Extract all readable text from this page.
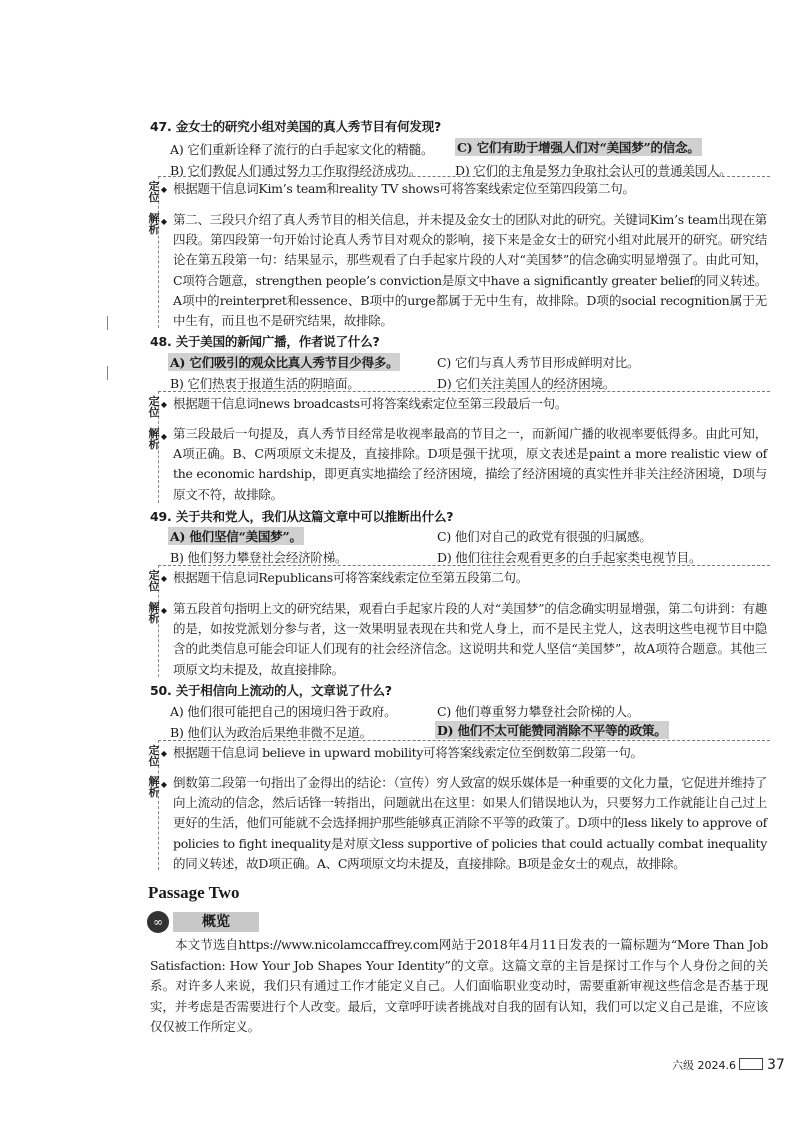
47. 金女士的研究小组对美国的真人秀节目有何发现?
A) 它们重新诠释了流行的白手起家文化的精髓。 C) 它们有助于增强人们对“美国梦”的信念。
B) 它们教促人们通过努力工作取得经济成功。	D) 它们的主角是努力争取社会认可的普通美国人。
定
位
◆ 根据题干信息词Kim’s team和reality TV shows可将答案线索定位至第四段第二句。
解
析
◆ 第二、三段只介绍了真人秀节目的相关信息，并未提及金女士的团队对此的研究。关键词Kim’s team出现在第四段。第四段第一句开始讨论真人秀节目对观众的影响，接下来是金女士的研究小组对此展开的研究。研究结论在第五段第一句：结果显示，那些观看了白手起家片段的人对“美国梦”的信念确实明显增强了。由此可知，C项符合题意，strengthen people’s conviction是原文中have a significantly greater belief的同义转述。A项中的reinterpret和essence、B项中的urge都属于无中生有，故排除。D项的social recognition属于无中生有，而且也不是研究结果，故排除。
48. 关于美国的新闻广播，作者说了什么?
A) 它们吸引的观众比真人秀节目少得多。	C) 它们与真人秀节目形成鲜明对比。
B) 它们热衷于报道生活的阴暗面。	D) 它们关注美国人的经济困境。
定
位
◆ 根据题干信息词news broadcasts可将答案线索定位至第三段最后一句。
解
析
◆ 第三段最后一句提及，真人秀节目经常是收视率最高的节目之一，而新闻广播的收视率要低得多。由此可知，A项正确。B、C两项原文未提及，直接排除。D项是强干扰项，原文表述是paint a more realistic view of the economic hardship，即更真实地描绘了经济困境，描绘了经济困境的真实性并非关注经济困境，D项与原文不符，故排除。
49. 关于共和党人，我们从这篇文章中可以推断出什么?
A) 他们坚信“美国梦”。	C) 他们对自己的政党有很强的归属感。
B) 他们努力攀登社会经济阶梯。	D) 他们往往会观看更多的白手起家类电视节目。
定
位
◆ 根据题干信息词Republicans可将答案线索定位至第五段第二句。
解
析
◆ 第五段首句指明上文的研究结果，观看白手起家片段的人对“美国梦”的信念确实明显增强，第二句讲到：有趣的是，如按党派划分参与者，这一效果明显表现在共和党人身上，而不是民主党人，这表明这些电视节目中隐含的此类信息可能会印证人们现有的社会经济信念。这说明共和党人坚信“美国梦”，故A项符合题意。其他三项原文均未提及，故直接排除。
50. 关于相信向上流动的人，文章说了什么?
A) 他们很可能把自己的困境归咎于政府。	C) 他们尊重努力攀登社会阶梯的人。
B) 他们认为政治后果绝非微不足道。	D) 他们不太可能赞同消除不平等的政策。
定
位
◆ 根据题干信息词 believe in upward mobility可将答案线索定位至倒数第二段第一句。
解
析
◆ 倒数第二段第一句指出了金得出的结论：（宣传）穷人致富的娱乐媒体是一种重要的文化力量，它促进并维持了向上流动的信念，然后话锋一转指出，问题就出在这里：如果人们错误地认为，只要努力工作就能让自己过上更好的生活，他们可能就不会选择拥护那些能够真正消除不平等的政策了。D项中的less likely to approve of policies to fight inequality是对原文less supportive of policies that could actually combat inequality的同义转述，故D项正确。A、C两项原文均未提及，直接排除。B项是金女士的观点，故排除。
Passage Two
∞	概览
本文节选自https://www.nicolamccaffrey.com网站于2018年4月11日发表的一篇标题为“More Than Job Satisfaction: How Your Job Shapes Your Identity”的文章。这篇文章的主旨是探讨工作与个人身份之间的关系。对许多人来说，我们只有通过工作才能定义自己。人们面临职业变动时，需要重新审视这些信念是否基于现实，并考虑是否需要进行个人改变。最后，文章呼吁读者挑战对自我的固有认知，我们可以定义自己是谁，不应该仅仅被工作所定义。
六级 2024.6 37
